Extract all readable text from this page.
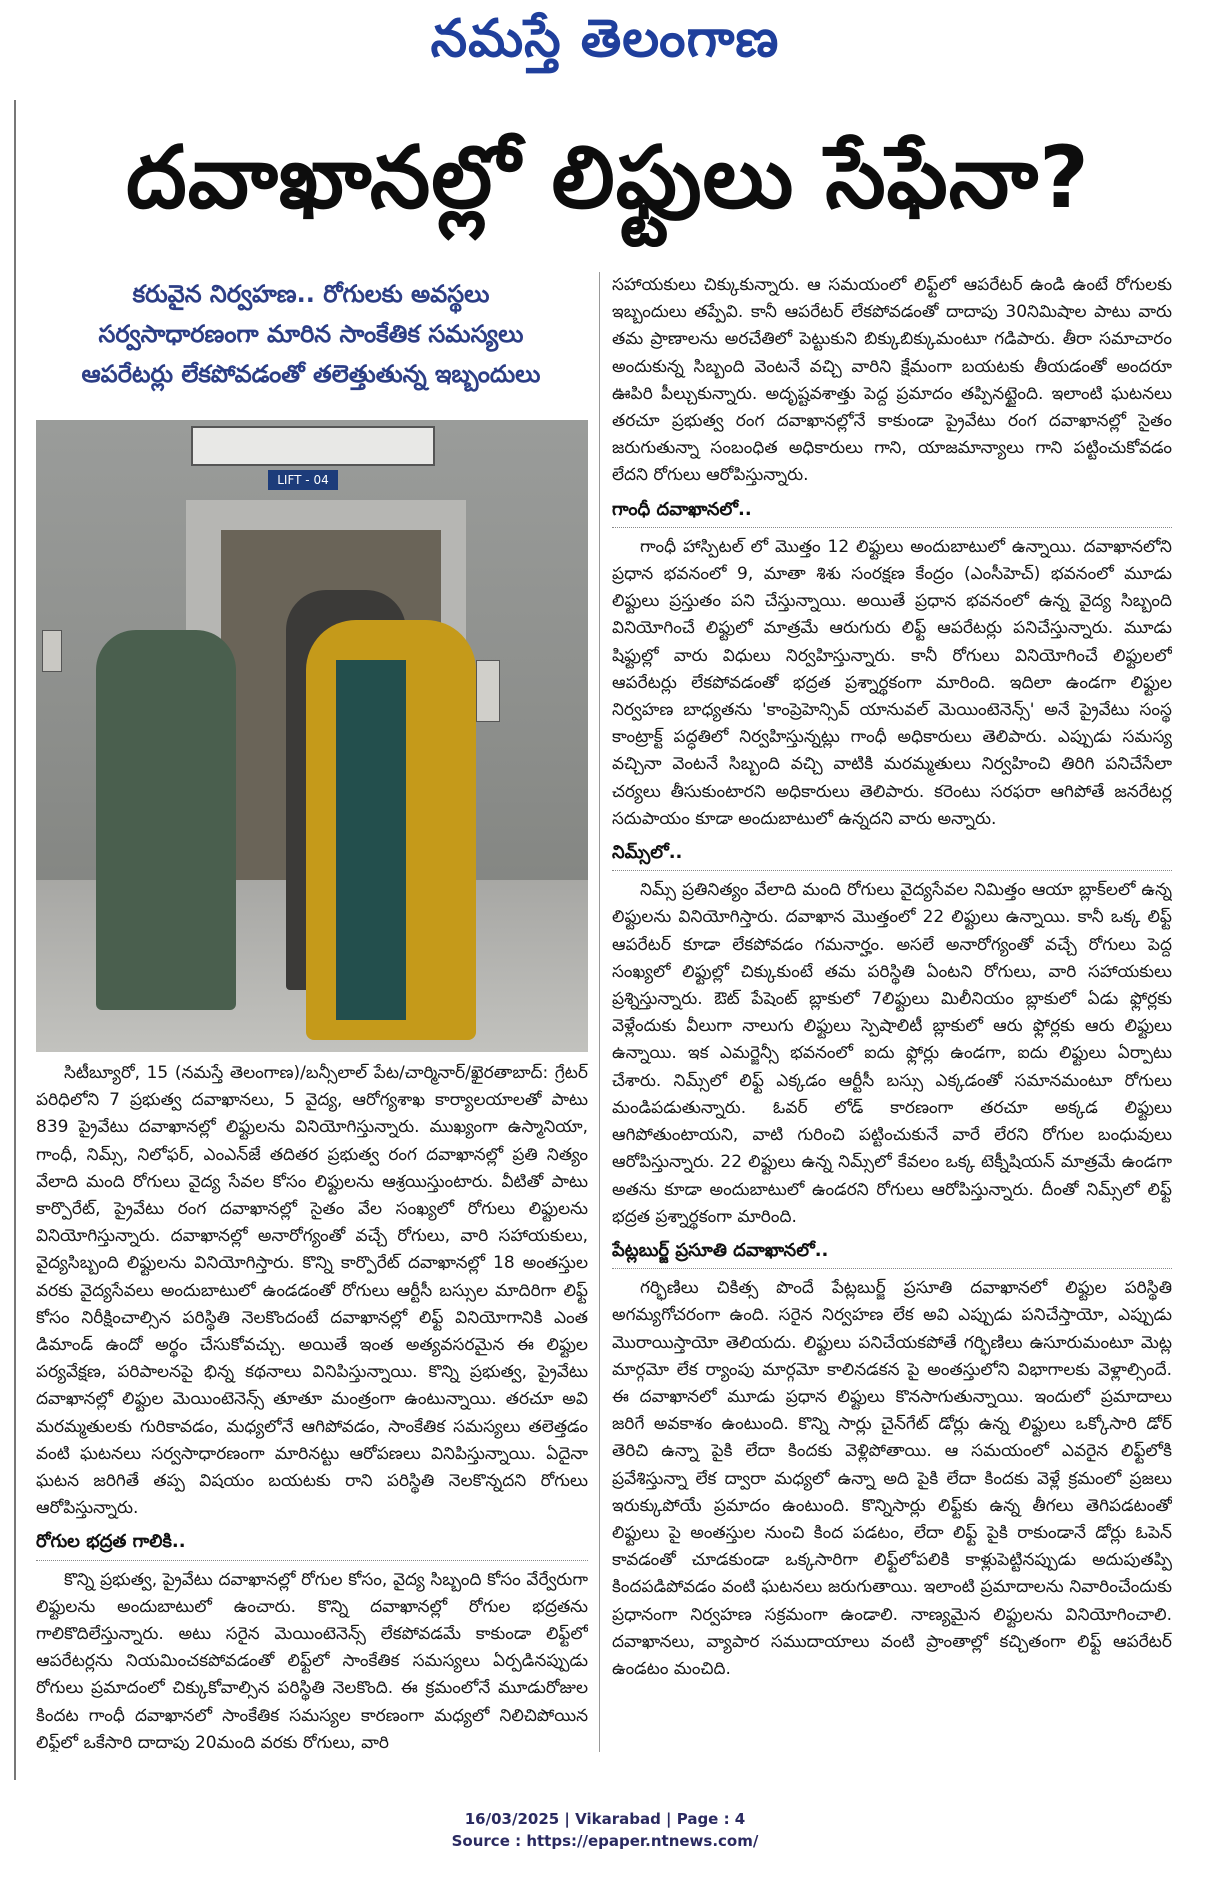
నమస్తే తెలంగాణ
దవాఖానల్లో లిఫ్టులు సేఫేనా?
కరువైన నిర్వహణ.. రోగులకు అవస్థలు
సర్వసాధారణంగా మారిన సాంకేతిక సమస్యలు
ఆపరేటర్లు లేకపోవడంతో తలెత్తుతున్న ఇబ్బందులు
LIFT - 04

సిటీబ్యూరో, 15 (నమస్తే తెలంగాణ)/బన్సీలాల్ పేట/చార్మినార్/ఖైరతాబాద్: గ్రేటర్ పరిధిలోని 7 ప్రభుత్వ దవాఖానలు, 5 వైద్య, ఆరోగ్యశాఖ కార్యాలయాలతో పాటు 839 ప్రైవేటు దవాఖానల్లో లిఫ్టులను వినియోగిస్తున్నారు. ముఖ్యంగా ఉస్మానియా, గాంధీ, నిమ్స్, నిలోఫర్, ఎంఎన్‌జే తదితర ప్రభుత్వ రంగ దవాఖానల్లో ప్రతి నిత్యం వేలాది మంది రోగులు వైద్య సేవల కోసం లిఫ్టులను ఆశ్రయిస్తుంటారు. వీటితో పాటు కార్పొరేట్, ప్రైవేటు రంగ దవాఖానల్లో సైతం వేల సంఖ్యలో రోగులు లిఫ్టులను వినియోగిస్తున్నారు. దవాఖానల్లో అనారోగ్యంతో వచ్చే రోగులు, వారి సహాయకులు, వైద్యసిబ్బంది లిఫ్టులను వినియోగిస్తారు. కొన్ని కార్పొరేట్ దవాఖానల్లో 18 అంతస్తుల వరకు వైద్యసేవలు అందుబాటులో ఉండడంతో రోగులు ఆర్టీసీ బస్సుల మాదిరిగా లిఫ్ట్ కోసం నిరీక్షించాల్సిన పరిస్థితి నెలకొందంటే దవాఖానల్లో లిఫ్ట్ వినియోగానికి ఎంత డిమాండ్ ఉందో అర్థం చేసుకోవచ్చు. అయితే ఇంత అత్యవసరమైన ఈ లిఫ్టుల పర్యవేక్షణ, పరిపాలనపై భిన్న కథనాలు వినిపిస్తున్నాయి. కొన్ని ప్రభుత్వ, ప్రైవేటు దవాఖానల్లో లిఫ్టుల మెయింటెనెన్స్ తూతూ మంత్రంగా ఉంటున్నాయి. తరచూ అవి మరమ్మతులకు గురికావడం, మధ్యలోనే ఆగిపోవడం, సాంకేతిక సమస్యలు తలెత్తడం వంటి ఘటనలు సర్వసాధారణంగా మారినట్టు ఆరోపణలు వినిపిస్తున్నాయి. ఏదైనా ఘటన జరిగితే తప్ప విషయం బయటకు రాని పరిస్థితి నెలకొన్నదని రోగులు ఆరోపిస్తున్నారు.

రోగుల భద్రత గాలికి..

కొన్ని ప్రభుత్వ, ప్రైవేటు దవాఖానల్లో రోగుల కోసం, వైద్య సిబ్బంది కోసం వేర్వేరుగా లిఫ్టులను అందుబాటులో ఉంచారు. కొన్ని దవాఖానల్లో రోగుల భద్రతను గాలికొదిలేస్తున్నారు. అటు సరైన మెయింటెనెన్స్ లేకపోవడమే కాకుండా లిఫ్ట్‌లో ఆపరేటర్లను నియమించకపోవడంతో లిఫ్ట్‌లో సాంకేతిక సమస్యలు ఏర్పడినప్పుడు రోగులు ప్రమాదంలో చిక్కుకోవాల్సిన పరిస్థితి నెలకొంది. ఈ క్రమంలోనే మూడురోజుల కిందట గాంధీ దవాఖానలో సాంకేతిక సమస్యల కారణంగా మధ్యలో నిలిచిపోయిన లిఫ్ట్‌లో ఒకేసారి దాదాపు 20మంది వరకు రోగులు, వారి

సహాయకులు చిక్కుకున్నారు. ఆ సమయంలో లిఫ్ట్‌లో ఆపరేటర్ ఉండి ఉంటే రోగులకు ఇబ్బందులు తప్పేవి. కానీ ఆపరేటర్ లేకపోవడంతో దాదాపు 30నిమిషాల పాటు వారు తమ ప్రాణాలను అరచేతిలో పెట్టుకుని బిక్కుబిక్కుమంటూ గడిపారు. తీరా సమాచారం అందుకున్న సిబ్బంది వెంటనే వచ్చి వారిని క్షేమంగా బయటకు తీయడంతో అందరూ ఊపిరి పీల్చుకున్నారు. అదృష్టవశాత్తు పెద్ద ప్రమాదం తప్పినట్టైంది. ఇలాంటి ఘటనలు తరచూ ప్రభుత్వ రంగ దవాఖానల్లోనే కాకుండా ప్రైవేటు రంగ దవాఖానల్లో సైతం జరుగుతున్నా సంబంధిత అధికారులు గాని, యాజమాన్యాలు గాని పట్టించుకోవడం లేదని రోగులు ఆరోపిస్తున్నారు.

గాంధీ దవాఖానలో..

గాంధీ హాస్పిటల్ లో మొత్తం 12 లిఫ్టులు అందుబాటులో ఉన్నాయి. దవాఖానలోని ప్రధాన భవనంలో 9, మాతా శిశు సంరక్షణ కేంద్రం (ఎంసీహెచ్) భవనంలో మూడు లిఫ్టులు ప్రస్తుతం పని చేస్తున్నాయి. అయితే ప్రధాన భవనంలో ఉన్న వైద్య సిబ్బంది వినియోగించే లిఫ్టులో మాత్రమే ఆరుగురు లిఫ్ట్ ఆపరేటర్లు పనిచేస్తున్నారు. మూడు షిఫ్టుల్లో వారు విధులు నిర్వహిస్తున్నారు. కానీ రోగులు వినియోగించే లిఫ్టులలో ఆపరేటర్లు లేకపోవడంతో భద్రత ప్రశ్నార్థకంగా మారింది. ఇదిలా ఉండగా లిఫ్టుల నిర్వహణ బాధ్యతను 'కాంప్రెహెన్సివ్ యానువల్ మెయింటెనెన్స్' అనే ప్రైవేటు సంస్థ కాంట్రాక్ట్ పద్ధతిలో నిర్వహిస్తున్నట్లు గాంధీ అధికారులు తెలిపారు. ఎప్పుడు సమస్య వచ్చినా వెంటనే సిబ్బంది వచ్చి వాటికి మరమ్మతులు నిర్వహించి తిరిగి పనిచేసేలా చర్యలు తీసుకుంటారని అధికారులు తెలిపారు. కరెంటు సరఫరా ఆగిపోతే జనరేటర్ల సదుపాయం కూడా అందుబాటులో ఉన్నదని వారు అన్నారు.

నిమ్స్‌లో..

నిమ్స్ ప్రతినిత్యం వేలాది మంది రోగులు వైద్యసేవల నిమిత్తం ఆయా బ్లాక్‌లలో ఉన్న లిఫ్టులను వినియోగిస్తారు. దవాఖాన మొత్తంలో 22 లిఫ్టులు ఉన్నాయి. కానీ ఒక్క లిఫ్ట్ ఆపరేటర్ కూడా లేకపోవడం గమనార్హం. అసలే అనారోగ్యంతో వచ్చే రోగులు పెద్ద సంఖ్యలో లిఫ్టుల్లో చిక్కుకుంటే తమ పరిస్థితి ఏంటని రోగులు, వారి సహాయకులు ప్రశ్నిస్తున్నారు. ఔట్ పేషెంట్ బ్లాకులో 7లిఫ్టులు మిలీనియం బ్లాకులో ఏడు ఫ్లోర్లకు వెళ్లేందుకు వీలుగా నాలుగు లిఫ్టులు స్పెషాలిటీ బ్లాకులో ఆరు ఫ్లోర్లకు ఆరు లిఫ్టులు ఉన్నాయి. ఇక ఎమర్జెన్సీ భవనంలో ఐదు ఫ్లోర్లు ఉండగా, ఐదు లిఫ్టులు ఏర్పాటు చేశారు. నిమ్స్‌లో లిఫ్ట్ ఎక్కడం ఆర్టీసీ బస్సు ఎక్కడంతో సమానమంటూ రోగులు మండిపడుతున్నారు. ఓవర్ లోడ్ కారణంగా తరచూ అక్కడ లిఫ్టులు ఆగిపోతుంటాయని, వాటి గురించి పట్టించుకునే వారే లేరని రోగుల బంధువులు ఆరోపిస్తున్నారు. 22 లిఫ్టులు ఉన్న నిమ్స్‌లో కేవలం ఒక్క టెక్నీషియన్ మాత్రమే ఉండగా అతను కూడా అందుబాటులో ఉండరని రోగులు ఆరోపిస్తున్నారు. దీంతో నిమ్స్‌లో లిఫ్ట్ భద్రత ప్రశ్నార్థకంగా మారింది.

పేట్లబుర్జ్ ప్రసూతి దవాఖానలో..

గర్భిణిలు చికిత్స పొందే పేట్లబుర్జ్ ప్రసూతి దవాఖానలో లిఫ్టుల పరిస్థితి అగమ్యగోచరంగా ఉంది. సరైన నిర్వహణ లేక అవి ఎప్పుడు పనిచేస్తాయో, ఎప్పుడు మొరాయిస్తాయో తెలియదు. లిఫ్టులు పనిచేయకపోతే గర్భిణిలు ఉసూరుమంటూ మెట్ల మార్గమో లేక ర్యాంపు మార్గమో కాలినడకన పై అంతస్తులోని విభాగాలకు వెళ్లాల్సిందే. ఈ దవాఖానలో మూడు ప్రధాన లిఫ్టులు కొనసాగుతున్నాయి. ఇందులో ప్రమాదాలు జరిగే అవకాశం ఉంటుంది. కొన్ని సార్లు చైన్‌గేట్ డోర్లు ఉన్న లిఫ్టులు ఒక్కోసారి డోర్ తెరిచి ఉన్నా పైకి లేదా కిందకు వెళ్లిపోతాయి. ఆ సమయంలో ఎవరైన లిఫ్ట్‌లోకి ప్రవేశిస్తున్నా లేక ద్వారా మధ్యలో ఉన్నా అది పైకి లేదా కిందకు వెళ్లే క్రమంలో ప్రజలు ఇరుక్కుపోయే ప్రమాదం ఉంటుంది. కొన్నిసార్లు లిఫ్ట్‌కు ఉన్న తీగలు తెగిపడటంతో లిఫ్టులు పై అంతస్తుల నుంచి కింద పడటం, లేదా లిఫ్ట్ పైకి రాకుండానే డోర్లు ఓపెన్ కావడంతో చూడకుండా ఒక్కసారిగా లిఫ్ట్‌లోపలికి కాళ్లుపెట్టినప్పుడు అదుపుతప్పి కిందపడిపోవడం వంటి ఘటనలు జరుగుతాయి. ఇలాంటి ప్రమాదాలను నివారించేందుకు ప్రధానంగా నిర్వహణ సక్రమంగా ఉండాలి. నాణ్యమైన లిఫ్టులను వినియోగించాలి. దవాఖానలు, వ్యాపార సముదాయాలు వంటి ప్రాంతాల్లో కచ్చితంగా లిఫ్ట్ ఆపరేటర్ ఉండటం మంచిది.

16/03/2025 | Vikarabad | Page : 4
Source : https://epaper.ntnews.com/
